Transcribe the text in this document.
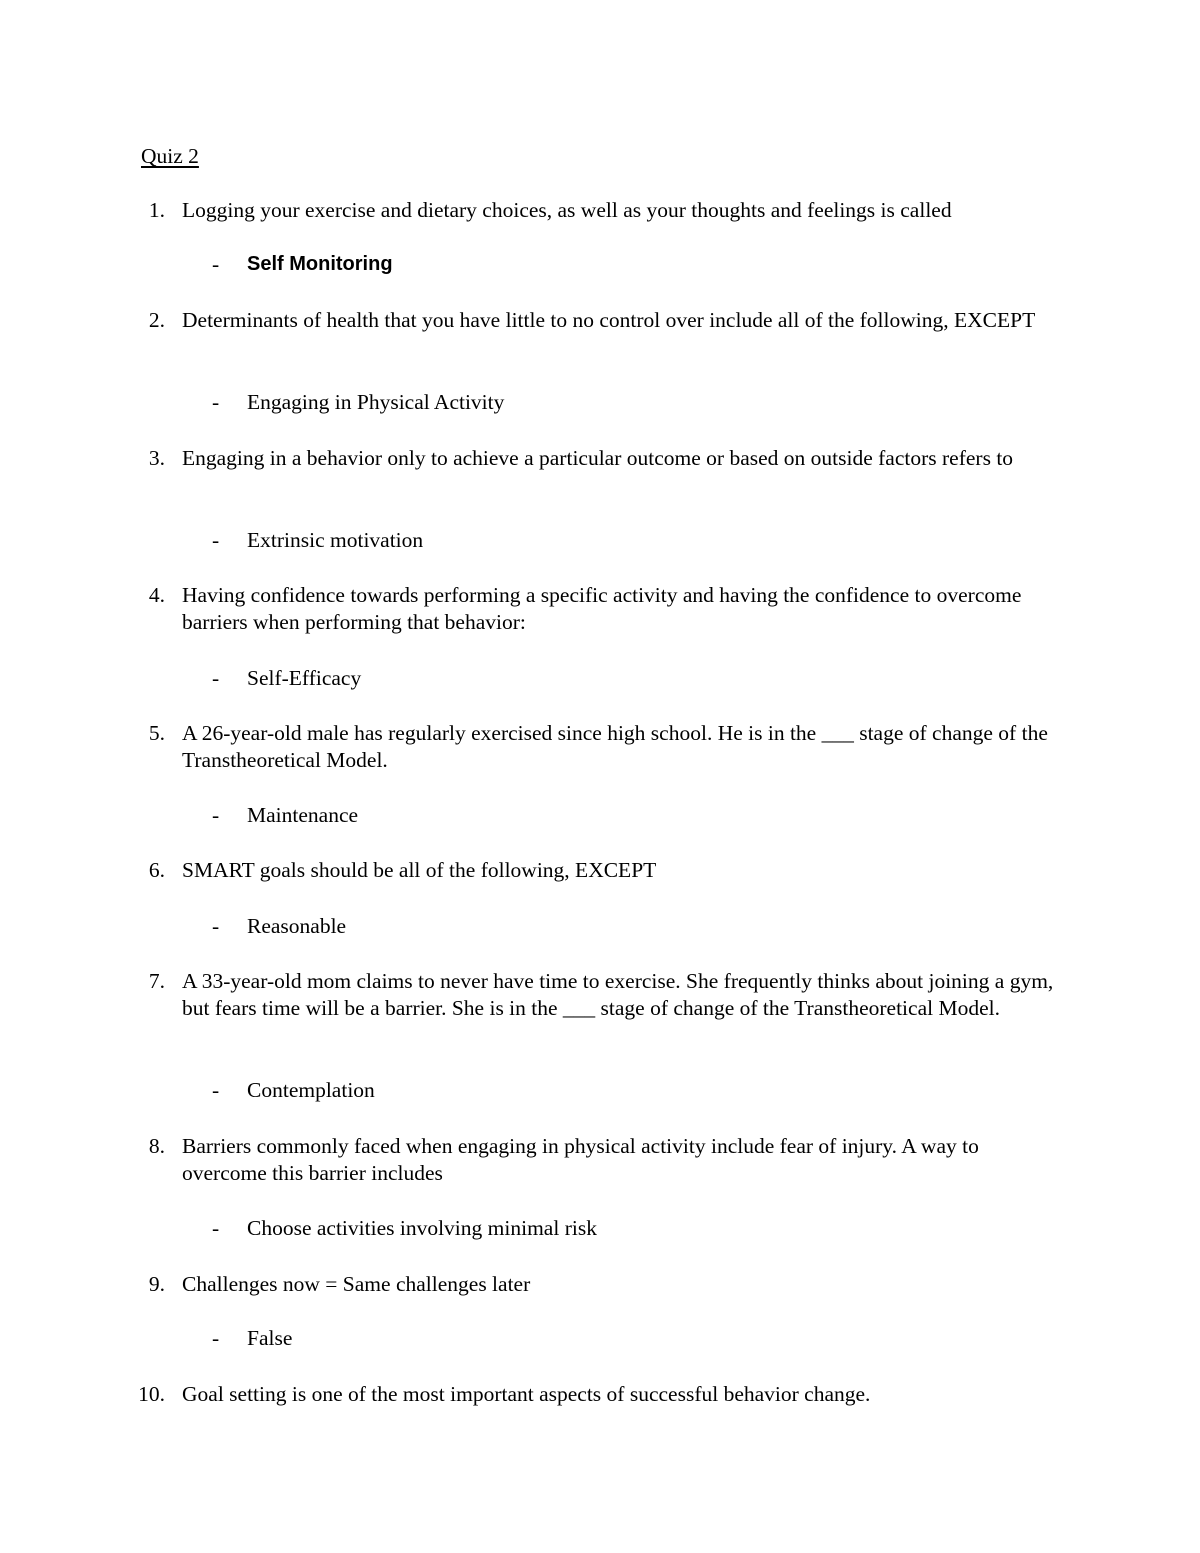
Quiz 2
1. Logging your exercise and dietary choices, as well as your thoughts and feelings is called
- Self Monitoring
2. Determinants of health that you have little to no control over include all of the following, EXCEPT
- Engaging in Physical Activity
3. Engaging in a behavior only to achieve a particular outcome or based on outside factors refers to
- Extrinsic motivation
4. Having confidence towards performing a specific activity and having the confidence to overcome barriers when performing that behavior:
- Self-Efficacy
5. A 26-year-old male has regularly exercised since high school. He is in the ___ stage of change of the Transtheoretical Model.
- Maintenance
6. SMART goals should be all of the following, EXCEPT
- Reasonable
7. A 33-year-old mom claims to never have time to exercise. She frequently thinks about joining a gym, but fears time will be a barrier. She is in the ___ stage of change of the Transtheoretical Model.
- Contemplation
8. Barriers commonly faced when engaging in physical activity include fear of injury. A way to overcome this barrier includes
- Choose activities involving minimal risk
9. Challenges now = Same challenges later
- False
10. Goal setting is one of the most important aspects of successful behavior change.
